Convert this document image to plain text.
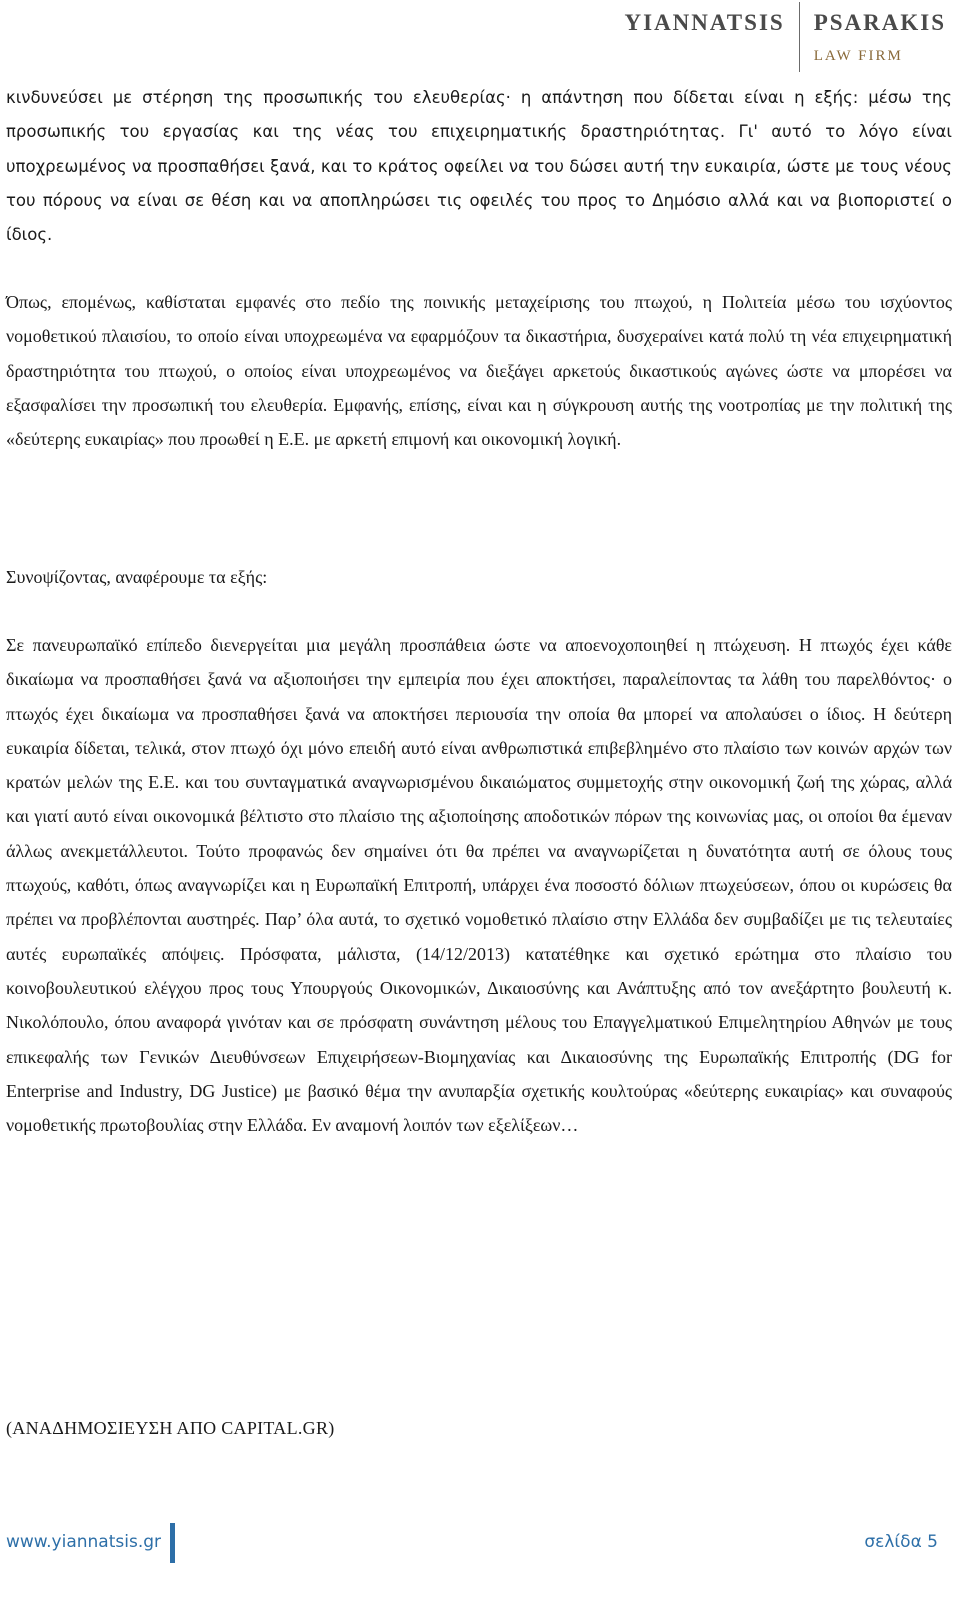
YIANNATSIS	PSARAKIS
LAW FIRM

κινδυνεύσει με στέρηση της προσωπικής του ελευθερίας· η απάντηση που δίδεται είναι η εξής: μέσω της προσωπικής του εργασίας και της νέας του επιχειρηματικής δραστηριότητας. Γι' αυτό το λόγο είναι υποχρεωμένος να προσπαθήσει ξανά, και το κράτος οφείλει να του δώσει αυτή την ευκαιρία, ώστε με τους νέους του πόρους να είναι σε θέση και να αποπληρώσει τις οφειλές του προς το Δημόσιο αλλά και να βιοποριστεί ο ίδιος.

Όπως, επομένως, καθίσταται εμφανές στο πεδίο της ποινικής μεταχείρισης του πτωχού, η Πολιτεία μέσω του ισχύοντος νομοθετικού πλαισίου, το οποίο είναι υποχρεωμένα να εφαρμόζουν τα δικαστήρια, δυσχεραίνει κατά πολύ τη νέα επιχειρηματική δραστηριότητα του πτωχού, ο οποίος είναι υποχρεωμένος να διεξάγει αρκετούς δικαστικούς αγώνες ώστε να μπορέσει να εξασφαλίσει την προσωπική του ελευθερία. Εμφανής, επίσης, είναι και η σύγκρουση αυτής της νοοτροπίας με την πολιτική της «δεύτερης ευκαιρίας» που προωθεί η Ε.Ε. με αρκετή επιμονή και οικονομική λογική.

Συνοψίζοντας, αναφέρουμε τα εξής:

Σε πανευρωπαϊκό επίπεδο διενεργείται μια μεγάλη προσπάθεια ώστε να αποενοχοποιηθεί η πτώχευση. Η πτωχός έχει κάθε δικαίωμα να προσπαθήσει ξανά να αξιοποιήσει την εμπειρία που έχει αποκτήσει, παραλείποντας τα λάθη του παρελθόντος· ο πτωχός έχει δικαίωμα να προσπαθήσει ξανά να αποκτήσει περιουσία την οποία θα μπορεί να απολαύσει ο ίδιος. Η δεύτερη ευκαιρία δίδεται, τελικά, στον πτωχό όχι μόνο επειδή αυτό είναι ανθρωπιστικά επιβεβλημένο στο πλαίσιο των κοινών αρχών των κρατών μελών της Ε.Ε. και του συνταγματικά αναγνωρισμένου δικαιώματος συμμετοχής στην οικονομική ζωή της χώρας, αλλά και γιατί αυτό είναι οικονομικά βέλτιστο στο πλαίσιο της αξιοποίησης αποδοτικών πόρων της κοινωνίας μας, οι οποίοι θα έμεναν άλλως ανεκμετάλλευτοι. Τούτο προφανώς δεν σημαίνει ότι θα πρέπει να αναγνωρίζεται η δυνατότητα αυτή σε όλους τους πτωχούς, καθότι, όπως αναγνωρίζει και η Ευρωπαϊκή Επιτροπή, υπάρχει ένα ποσοστό δόλιων πτωχεύσεων, όπου οι κυρώσεις θα πρέπει να προβλέπονται αυστηρές. Παρ’ όλα αυτά, το σχετικό νομοθετικό πλαίσιο στην Ελλάδα δεν συμβαδίζει με τις τελευταίες αυτές ευρωπαϊκές απόψεις. Πρόσφατα, μάλιστα, (14/12/2013) κατατέθηκε και σχετικό ερώτημα στο πλαίσιο του κοινοβουλευτικού ελέγχου προς τους Υπουργούς Οικονομικών, Δικαιοσύνης και Ανάπτυξης από τον ανεξάρτητο βουλευτή κ. Νικολόπουλο, όπου αναφορά γινόταν και σε πρόσφατη συνάντηση μέλους του Επαγγελματικού Επιμελητηρίου Αθηνών με τους επικεφαλής των Γενικών Διευθύνσεων Επιχειρήσεων-Βιομηχανίας και Δικαιοσύνης της Ευρωπαϊκής Επιτροπής (DG for Enterprise and Industry, DG Justice) με βασικό θέμα την ανυπαρξία σχετικής κουλτούρας «δεύτερης ευκαιρίας» και συναφούς νομοθετικής πρωτοβουλίας στην Ελλάδα. Εν αναμονή λοιπόν των εξελίξεων…

(ΑΝΑΔΗΜΟΣΙΕΥΣΗ ΑΠΟ CAPITAL.GR)
www.yiannatsis.gr	σελίδα 5
